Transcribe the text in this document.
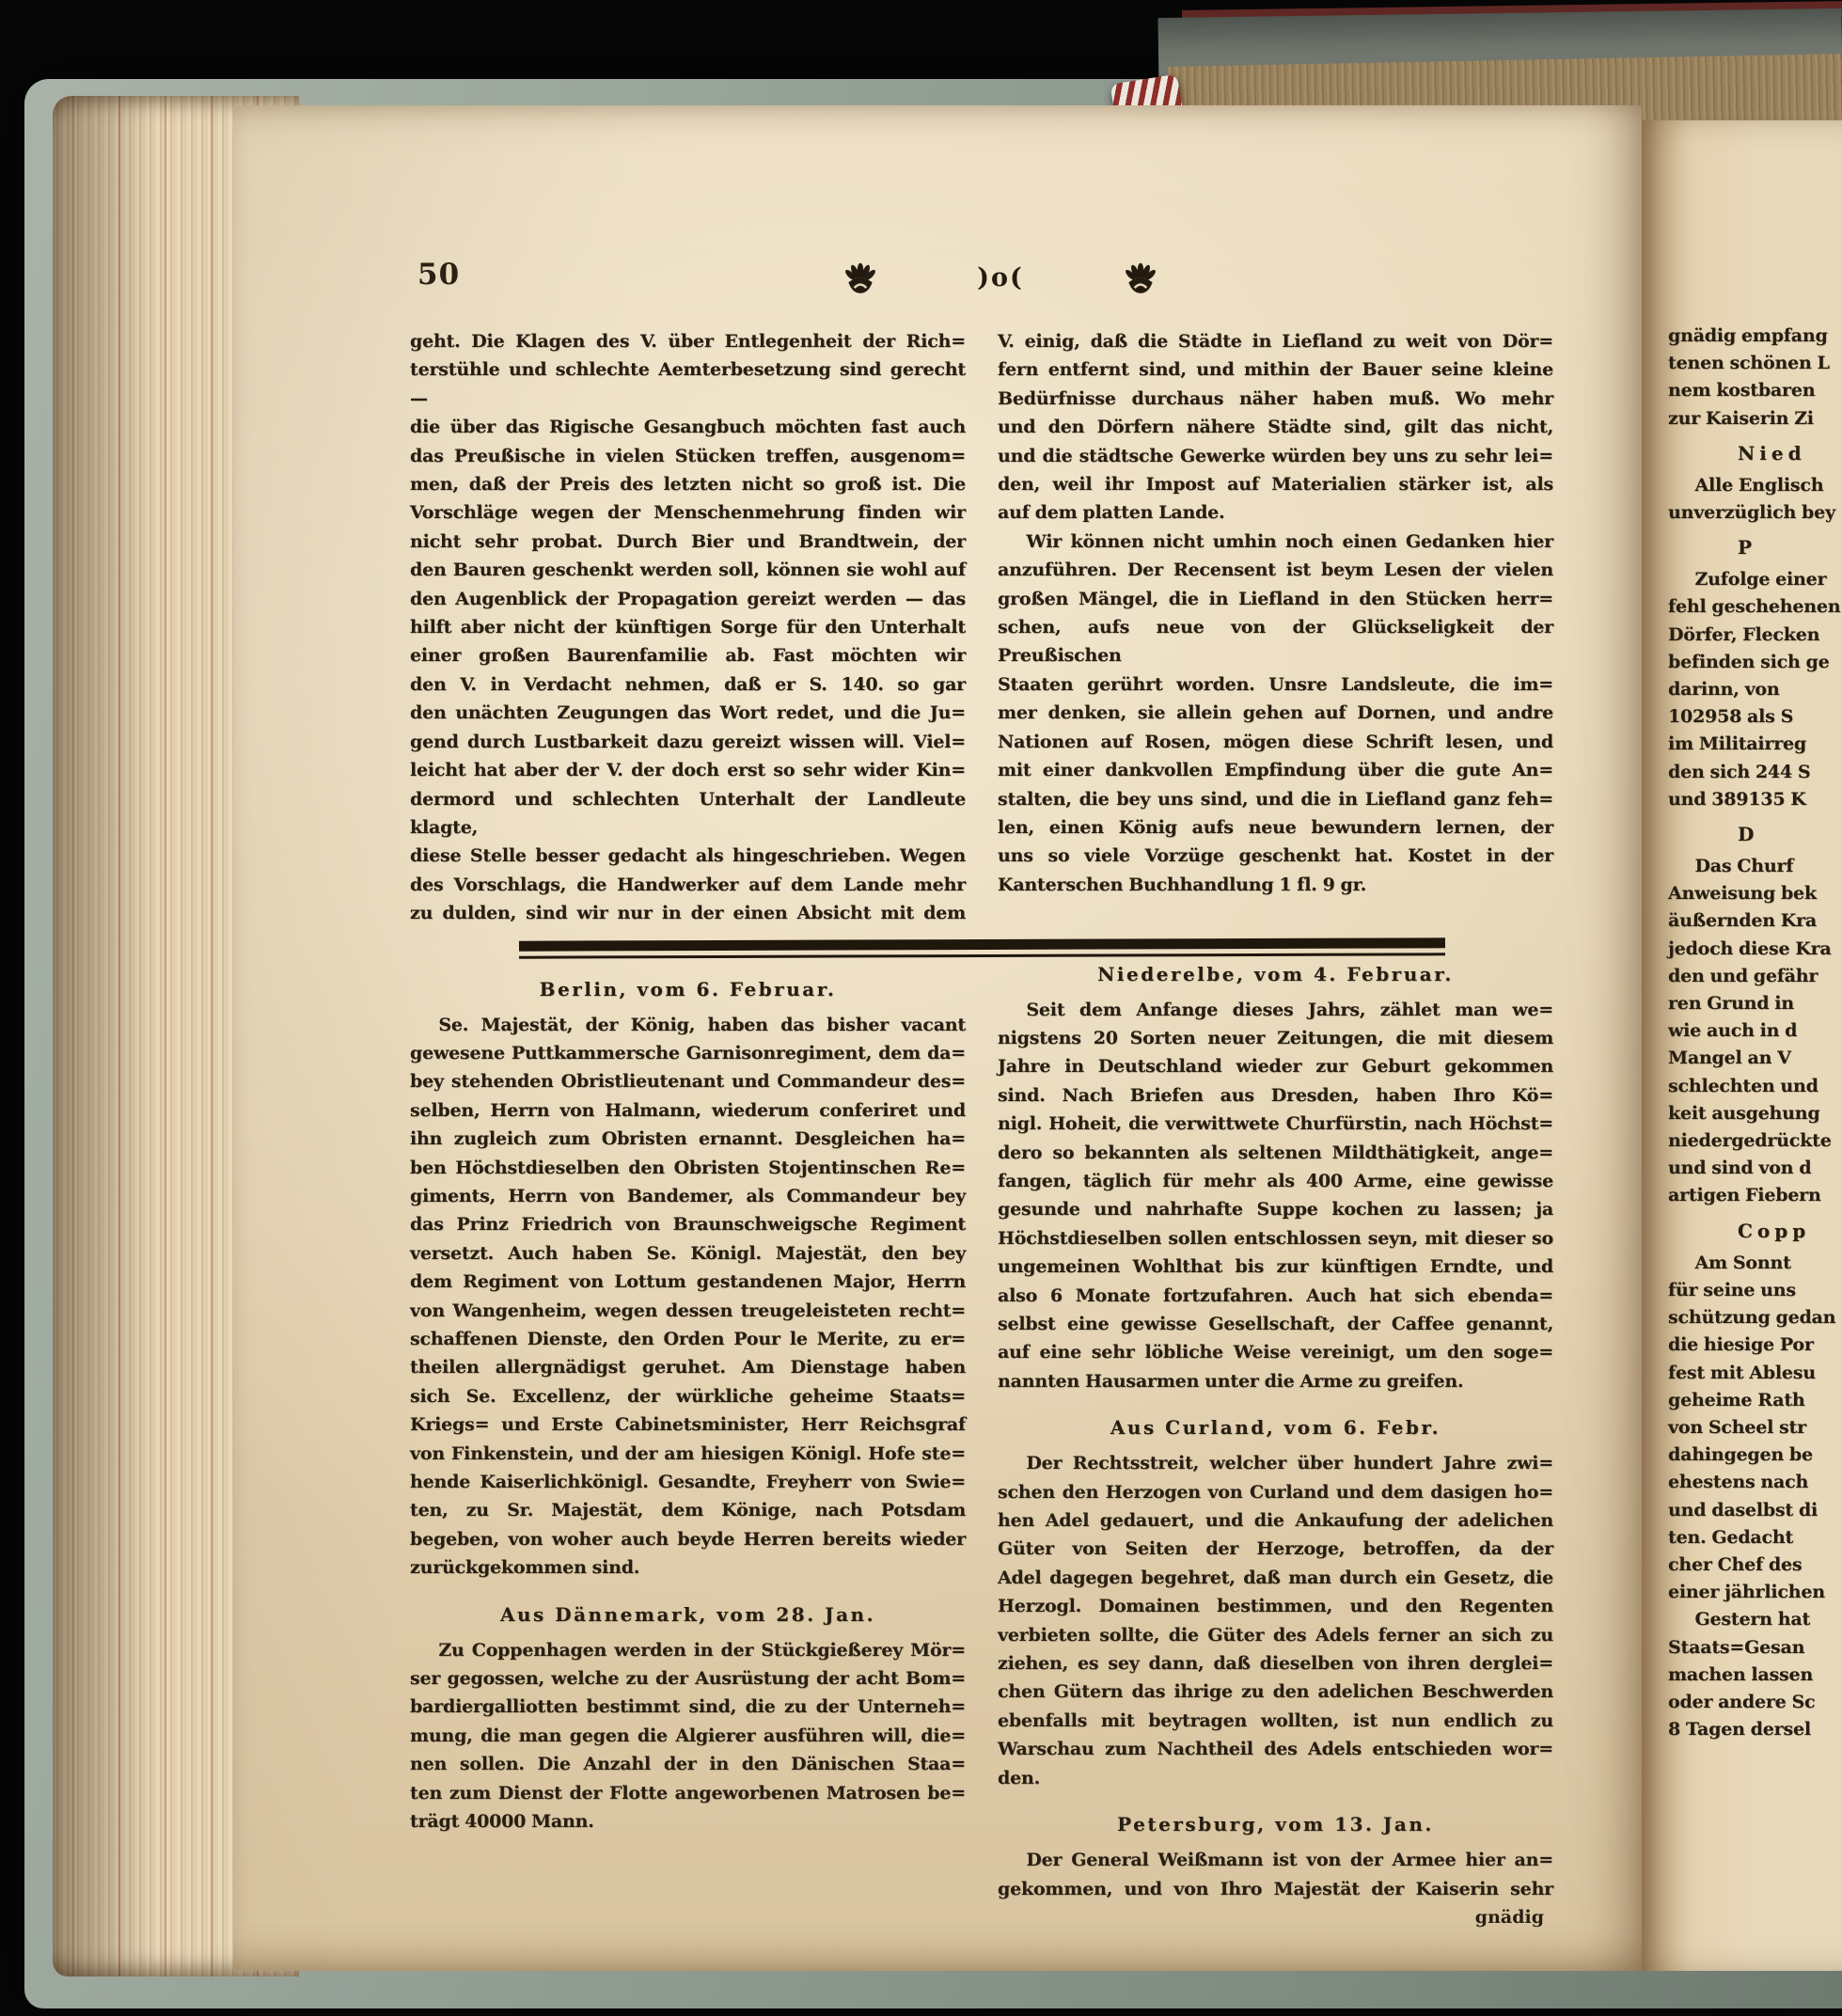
50	)o(
geht. Die Klagen des V. über Entlegenheit der Rich=
terstühle und schlechte Aemterbesetzung sind gerecht —
die über das Rigische Gesangbuch möchten fast auch
das Preußische in vielen Stücken treffen, ausgenom=
men, daß der Preis des letzten nicht so groß ist. Die
Vorschläge wegen der Menschenmehrung finden wir
nicht sehr probat. Durch Bier und Brandtwein, der
den Bauren geschenkt werden soll, können sie wohl auf
den Augenblick der Propagation gereizt werden — das
hilft aber nicht der künftigen Sorge für den Unterhalt
einer großen Baurenfamilie ab. Fast möchten wir
den V. in Verdacht nehmen, daß er S. 140. so gar
den unächten Zeugungen das Wort redet, und die Ju=
gend durch Lustbarkeit dazu gereizt wissen will. Viel=
leicht hat aber der V. der doch erst so sehr wider Kin=
dermord und schlechten Unterhalt der Landleute klagte,
diese Stelle besser gedacht als hingeschrieben. Wegen
des Vorschlags, die Handwerker auf dem Lande mehr
zu dulden, sind wir nur in der einen Absicht mit dem
V. einig, daß die Städte in Liefland zu weit von Dör=
fern entfernt sind, und mithin der Bauer seine kleine
Bedürfnisse durchaus näher haben muß. Wo mehr
und den Dörfern nähere Städte sind, gilt das nicht,
und die städtsche Gewerke würden bey uns zu sehr lei=
den, weil ihr Impost auf Materialien stärker ist, als
auf dem platten Lande.
Wir können nicht umhin noch einen Gedanken hier
anzuführen. Der Recensent ist beym Lesen der vielen
großen Mängel, die in Liefland in den Stücken herr=
schen, aufs neue von der Glückseligkeit der Preußischen
Staaten gerührt worden. Unsre Landsleute, die im=
mer denken, sie allein gehen auf Dornen, und andre
Nationen auf Rosen, mögen diese Schrift lesen, und
mit einer dankvollen Empfindung über die gute An=
stalten, die bey uns sind, und die in Liefland ganz feh=
len, einen König aufs neue bewundern lernen, der
uns so viele Vorzüge geschenkt hat. Kostet in der
Kanterschen Buchhandlung 1 fl. 9 gr.
Berlin, vom 6. Februar.
Se. Majestät, der König, haben das bisher vacant
gewesene Puttkammersche Garnisonregiment, dem da=
bey stehenden Obristlieutenant und Commandeur des=
selben, Herrn von Halmann, wiederum conferiret und
ihn zugleich zum Obristen ernannt. Desgleichen ha=
ben Höchstdieselben den Obristen Stojentinschen Re=
giments, Herrn von Bandemer, als Commandeur bey
das Prinz Friedrich von Braunschweigsche Regiment
versetzt. Auch haben Se. Königl. Majestät, den bey
dem Regiment von Lottum gestandenen Major, Herrn
von Wangenheim, wegen dessen treugeleisteten recht=
schaffenen Dienste, den Orden Pour le Merite, zu er=
theilen allergnädigst geruhet. Am Dienstage haben
sich Se. Excellenz, der würkliche geheime Staats=
Kriegs= und Erste Cabinetsminister, Herr Reichsgraf
von Finkenstein, und der am hiesigen Königl. Hofe ste=
hende Kaiserlichkönigl. Gesandte, Freyherr von Swie=
ten, zu Sr. Majestät, dem Könige, nach Potsdam
begeben, von woher auch beyde Herren bereits wieder
zurückgekommen sind.
Aus Dännemark, vom 28. Jan.
Zu Coppenhagen werden in der Stückgießerey Mör=
ser gegossen, welche zu der Ausrüstung der acht Bom=
bardiergalliotten bestimmt sind, die zu der Unterneh=
mung, die man gegen die Algierer ausführen will, die=
nen sollen. Die Anzahl der in den Dänischen Staa=
ten zum Dienst der Flotte angeworbenen Matrosen be=
trägt 40000 Mann.
Niederelbe, vom 4. Februar.
Seit dem Anfange dieses Jahrs, zählet man we=
nigstens 20 Sorten neuer Zeitungen, die mit diesem
Jahre in Deutschland wieder zur Geburt gekommen
sind. Nach Briefen aus Dresden, haben Ihro Kö=
nigl. Hoheit, die verwittwete Churfürstin, nach Höchst=
dero so bekannten als seltenen Mildthätigkeit, ange=
fangen, täglich für mehr als 400 Arme, eine gewisse
gesunde und nahrhafte Suppe kochen zu lassen; ja
Höchstdieselben sollen entschlossen seyn, mit dieser so
ungemeinen Wohlthat bis zur künftigen Erndte, und
also 6 Monate fortzufahren. Auch hat sich ebenda=
selbst eine gewisse Gesellschaft, der Caffee genannt,
auf eine sehr löbliche Weise vereinigt, um den soge=
nannten Hausarmen unter die Arme zu greifen.
Aus Curland, vom 6. Febr.
Der Rechtsstreit, welcher über hundert Jahre zwi=
schen den Herzogen von Curland und dem dasigen ho=
hen Adel gedauert, und die Ankaufung der adelichen
Güter von Seiten der Herzoge, betroffen, da der
Adel dagegen begehret, daß man durch ein Gesetz, die
Herzogl. Domainen bestimmen, und den Regenten
verbieten sollte, die Güter des Adels ferner an sich zu
ziehen, es sey dann, daß dieselben von ihren derglei=
chen Gütern das ihrige zu den adelichen Beschwerden
ebenfalls mit beytragen wollten, ist nun endlich zu
Warschau zum Nachtheil des Adels entschieden wor=
den.
Petersburg, vom 13. Jan.
Der General Weißmann ist von der Armee hier an=
gekommen, und von Ihro Majestät der Kaiserin sehr
gnädig
gnädig empfang
tenen schönen L
nem kostbaren
zur Kaiserin Zi
Nied
Alle Englisch
unverzüglich bey
P
Zufolge einer
fehl geschehenen
Dörfer, Flecken
befinden sich ge
darinn, von
102958 als S
im Militairreg
den sich 244 S
und 389135 K
D
Das Churf
Anweisung bek
äußernden Kra
jedoch diese Kra
den und gefähr
ren Grund in
wie auch in d
Mangel an V
schlechten und
keit ausgehung
niedergedrückte
und sind von d
artigen Fiebern
Copp
Am Sonnt
für seine uns
schützung gedan
die hiesige Por
fest mit Ablesu
geheime Rath
von Scheel str
dahingegen be
ehestens nach
und daselbst di
ten. Gedacht
cher Chef des
einer jährlichen
Gestern hat
Staats=Gesan
machen lassen
oder andere Sc
8 Tagen dersel
